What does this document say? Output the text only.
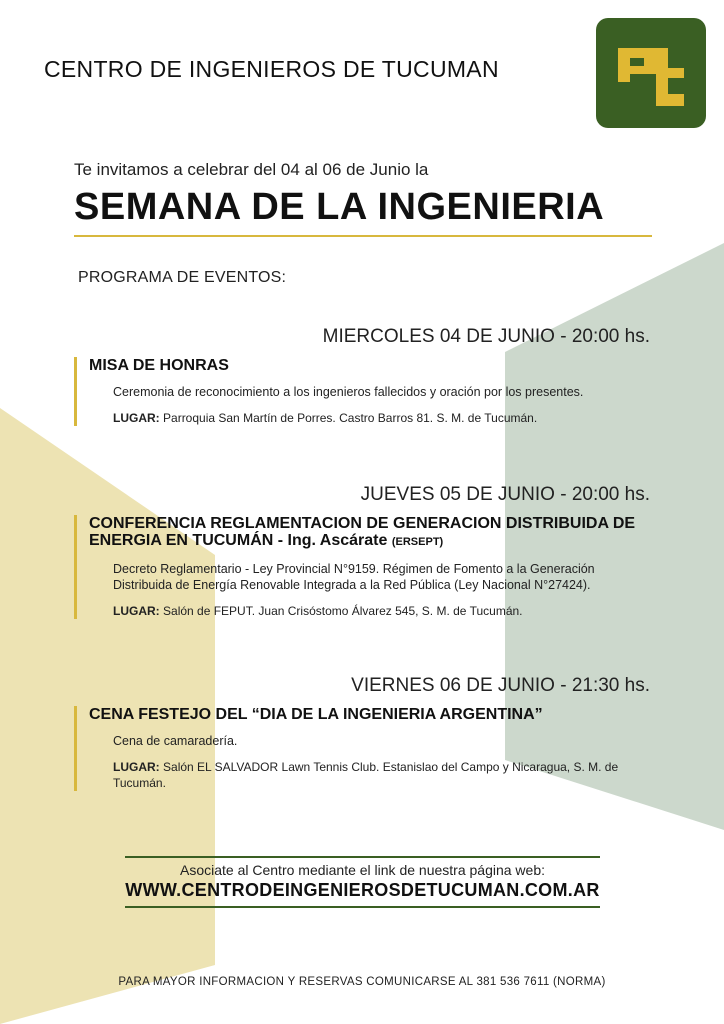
CENTRO DE INGENIEROS DE TUCUMAN
Te invitamos a celebrar del 04 al 06 de Junio la
SEMANA DE LA INGENIERIA
PROGRAMA DE EVENTOS:
MIERCOLES 04 DE JUNIO - 20:00 hs.
MISA DE HONRAS
Ceremonia de reconocimiento a los ingenieros fallecidos y oración por los presentes.
LUGAR: Parroquia San Martín de Porres. Castro Barros 81. S. M. de Tucumán.
JUEVES 05 DE JUNIO - 20:00 hs.
CONFERENCIA REGLAMENTACION DE GENERACION DISTRIBUIDA DE ENERGIA EN TUCUMÁN - Ing. Ascárate (ERSEPT)
Decreto Reglamentario - Ley Provincial N°9159. Régimen de Fomento a la Generación Distribuida de Energía Renovable Integrada a la Red Pública (Ley Nacional N°27424).
LUGAR: Salón de FEPUT. Juan Crisóstomo Álvarez 545, S. M. de Tucumán.
VIERNES 06 DE JUNIO - 21:30 hs.
CENA FESTEJO DEL “DIA DE LA INGENIERIA ARGENTINA”
Cena de camaradería.
LUGAR: Salón EL SALVADOR Lawn Tennis Club. Estanislao del Campo y Nicaragua, S. M. de Tucumán.
Asociate al Centro mediante el link de nuestra página web:
WWW.CENTRODEINGENIEROSDETUCUMAN.COM.AR
PARA MAYOR INFORMACION Y RESERVAS COMUNICARSE AL 381 536 7611 (NORMA)
